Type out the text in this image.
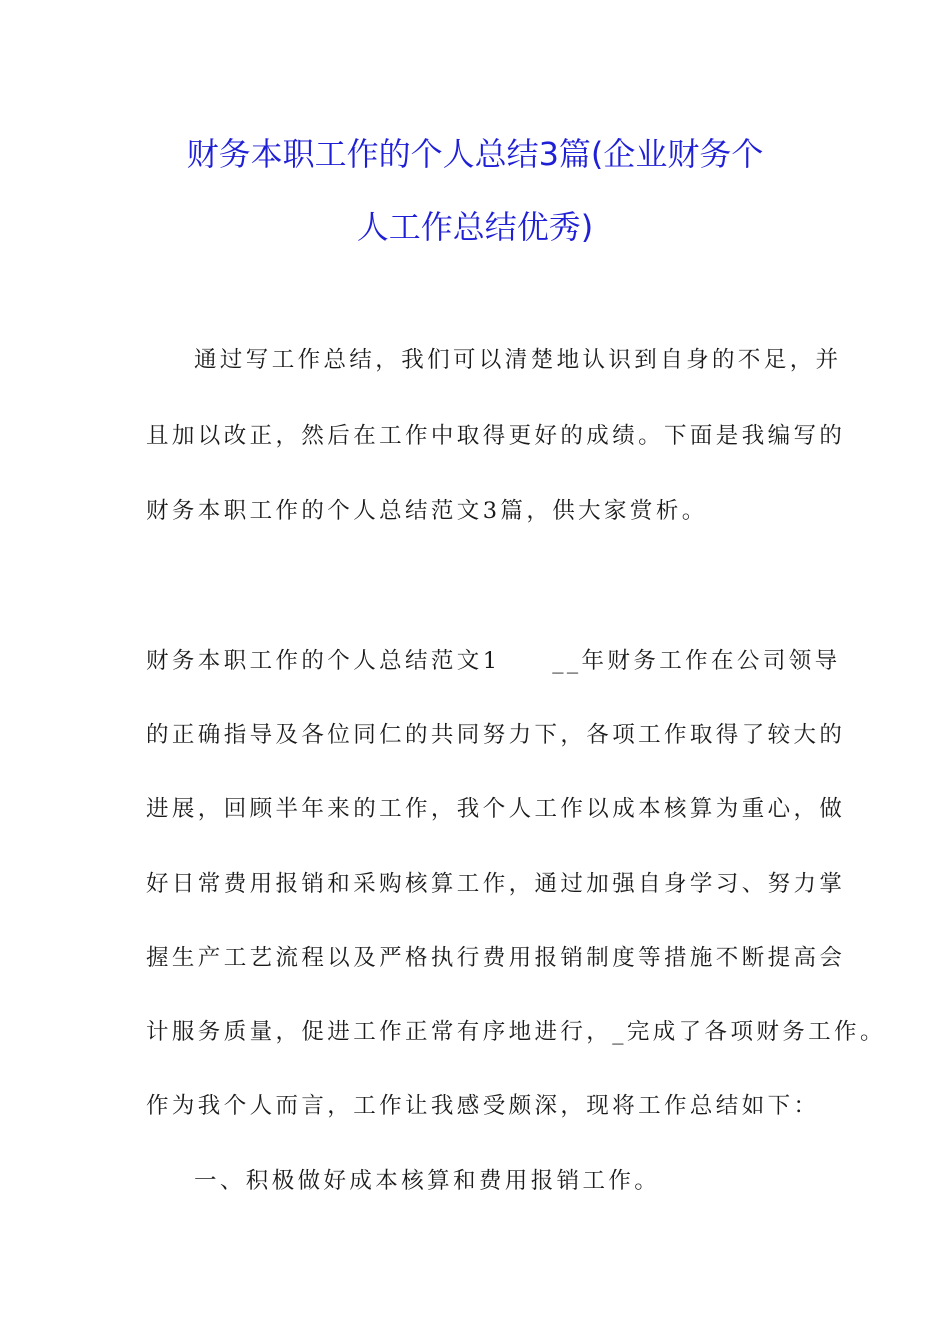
财务本职工作的个人总结3篇(企业财务个
人工作总结优秀)
通过写工作总结，我们可以清楚地认识到自身的不足，并
且加以改正，然后在工作中取得更好的成绩。下面是我编写的
财务本职工作的个人总结范文3篇，供大家赏析。
财务本职工作的个人总结范文1　　__年财务工作在公司领导
的正确指导及各位同仁的共同努力下，各项工作取得了较大的
进展，回顾半年来的工作，我个人工作以成本核算为重心，做
好日常费用报销和采购核算工作，通过加强自身学习、努力掌
握生产工艺流程以及严格执行费用报销制度等措施不断提高会
计服务质量，促进工作正常有序地进行，_完成了各项财务工作。
作为我个人而言，工作让我感受颇深，现将工作总结如下：
一、积极做好成本核算和费用报销工作。
